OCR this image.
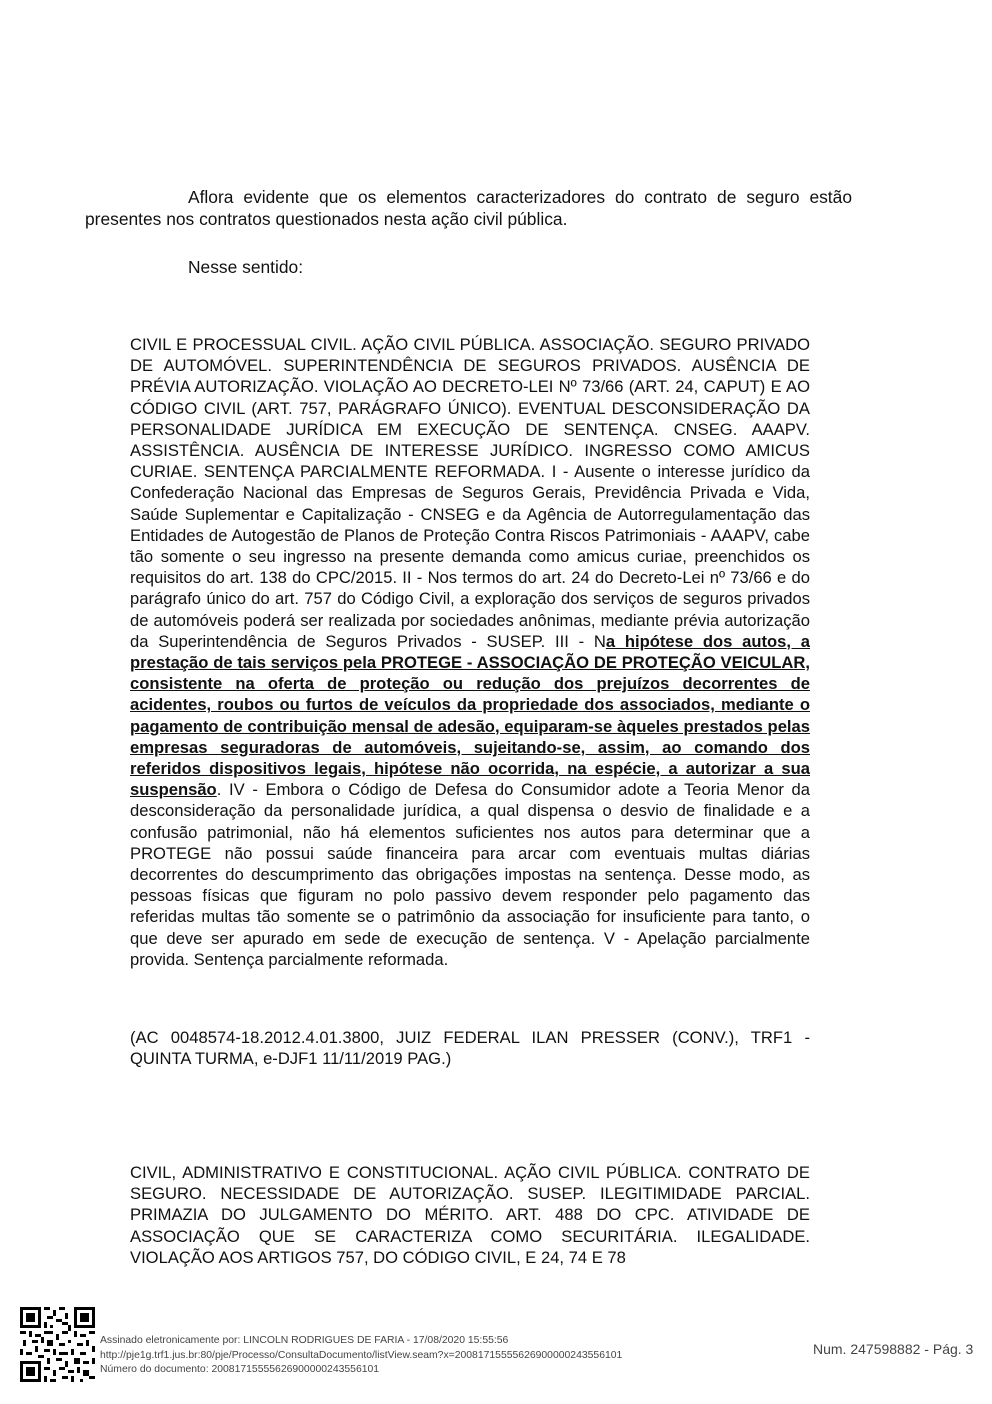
Aflora evidente que os elementos caracterizadores do contrato de seguro estão presentes nos contratos questionados nesta ação civil pública.

Nesse sentido:

CIVIL E PROCESSUAL CIVIL. AÇÃO CIVIL PÚBLICA. ASSOCIAÇÃO. SEGURO PRIVADO DE AUTOMÓVEL. SUPERINTENDÊNCIA DE SEGUROS PRIVADOS. AUSÊNCIA DE PRÉVIA AUTORIZAÇÃO. VIOLAÇÃO AO DECRETO-LEI Nº 73/66 (ART. 24, CAPUT) E AO CÓDIGO CIVIL (ART. 757, PARÁGRAFO ÚNICO). EVENTUAL DESCONSIDERAÇÃO DA PERSONALIDADE JURÍDICA EM EXECUÇÃO DE SENTENÇA. CNSEG. AAAPV. ASSISTÊNCIA. AUSÊNCIA DE INTERESSE JURÍDICO. INGRESSO COMO AMICUS CURIAE. SENTENÇA PARCIALMENTE REFORMADA. I - Ausente o interesse jurídico da Confederação Nacional das Empresas de Seguros Gerais, Previdência Privada e Vida, Saúde Suplementar e Capitalização - CNSEG e da Agência de Autorregulamentação das Entidades de Autogestão de Planos de Proteção Contra Riscos Patrimoniais - AAAPV, cabe tão somente o seu ingresso na presente demanda como amicus curiae, preenchidos os requisitos do art. 138 do CPC/2015. II - Nos termos do art. 24 do Decreto-Lei nº 73/66 e do parágrafo único do art. 757 do Código Civil, a exploração dos serviços de seguros privados de automóveis poderá ser realizada por sociedades anônimas, mediante prévia autorização da Superintendência de Seguros Privados - SUSEP. III - Na hipótese dos autos, a prestação de tais serviços pela PROTEGE - ASSOCIAÇÃO DE PROTEÇÃO VEICULAR, consistente na oferta de proteção ou redução dos prejuízos decorrentes de acidentes, roubos ou furtos de veículos da propriedade dos associados, mediante o pagamento de contribuição mensal de adesão, equiparam-se àqueles prestados pelas empresas seguradoras de automóveis, sujeitando-se, assim, ao comando dos referidos dispositivos legais, hipótese não ocorrida, na espécie, a autorizar a sua suspensão. IV - Embora o Código de Defesa do Consumidor adote a Teoria Menor da desconsideração da personalidade jurídica, a qual dispensa o desvio de finalidade e a confusão patrimonial, não há elementos suficientes nos autos para determinar que a PROTEGE não possui saúde financeira para arcar com eventuais multas diárias decorrentes do descumprimento das obrigações impostas na sentença. Desse modo, as pessoas físicas que figuram no polo passivo devem responder pelo pagamento das referidas multas tão somente se o patrimônio da associação for insuficiente para tanto, o que deve ser apurado em sede de execução de sentença. V - Apelação parcialmente provida. Sentença parcialmente reformada.

(AC 0048574-18.2012.4.01.3800, JUIZ FEDERAL ILAN PRESSER (CONV.), TRF1 - QUINTA TURMA, e-DJF1 11/11/2019 PAG.)

CIVIL, ADMINISTRATIVO E CONSTITUCIONAL. AÇÃO CIVIL PÚBLICA. CONTRATO DE SEGURO. NECESSIDADE DE AUTORIZAÇÃO. SUSEP. ILEGITIMIDADE PARCIAL. PRIMAZIA DO JULGAMENTO DO MÉRITO. ART. 488 DO CPC. ATIVIDADE DE ASSOCIAÇÃO QUE SE CARACTERIZA COMO SECURITÁRIA. ILEGALIDADE. VIOLAÇÃO AOS ARTIGOS 757, DO CÓDIGO CIVIL, E 24, 74 E 78

Assinado eletronicamente por: LINCOLN RODRIGUES DE FARIA - 17/08/2020 15:55:56
http://pje1g.trf1.jus.br:80/pje/Processo/ConsultaDocumento/listView.seam?x=20081715555626900000243556101
Número do documento: 20081715555626900000243556101

Num. 247598882 - Pág. 3
